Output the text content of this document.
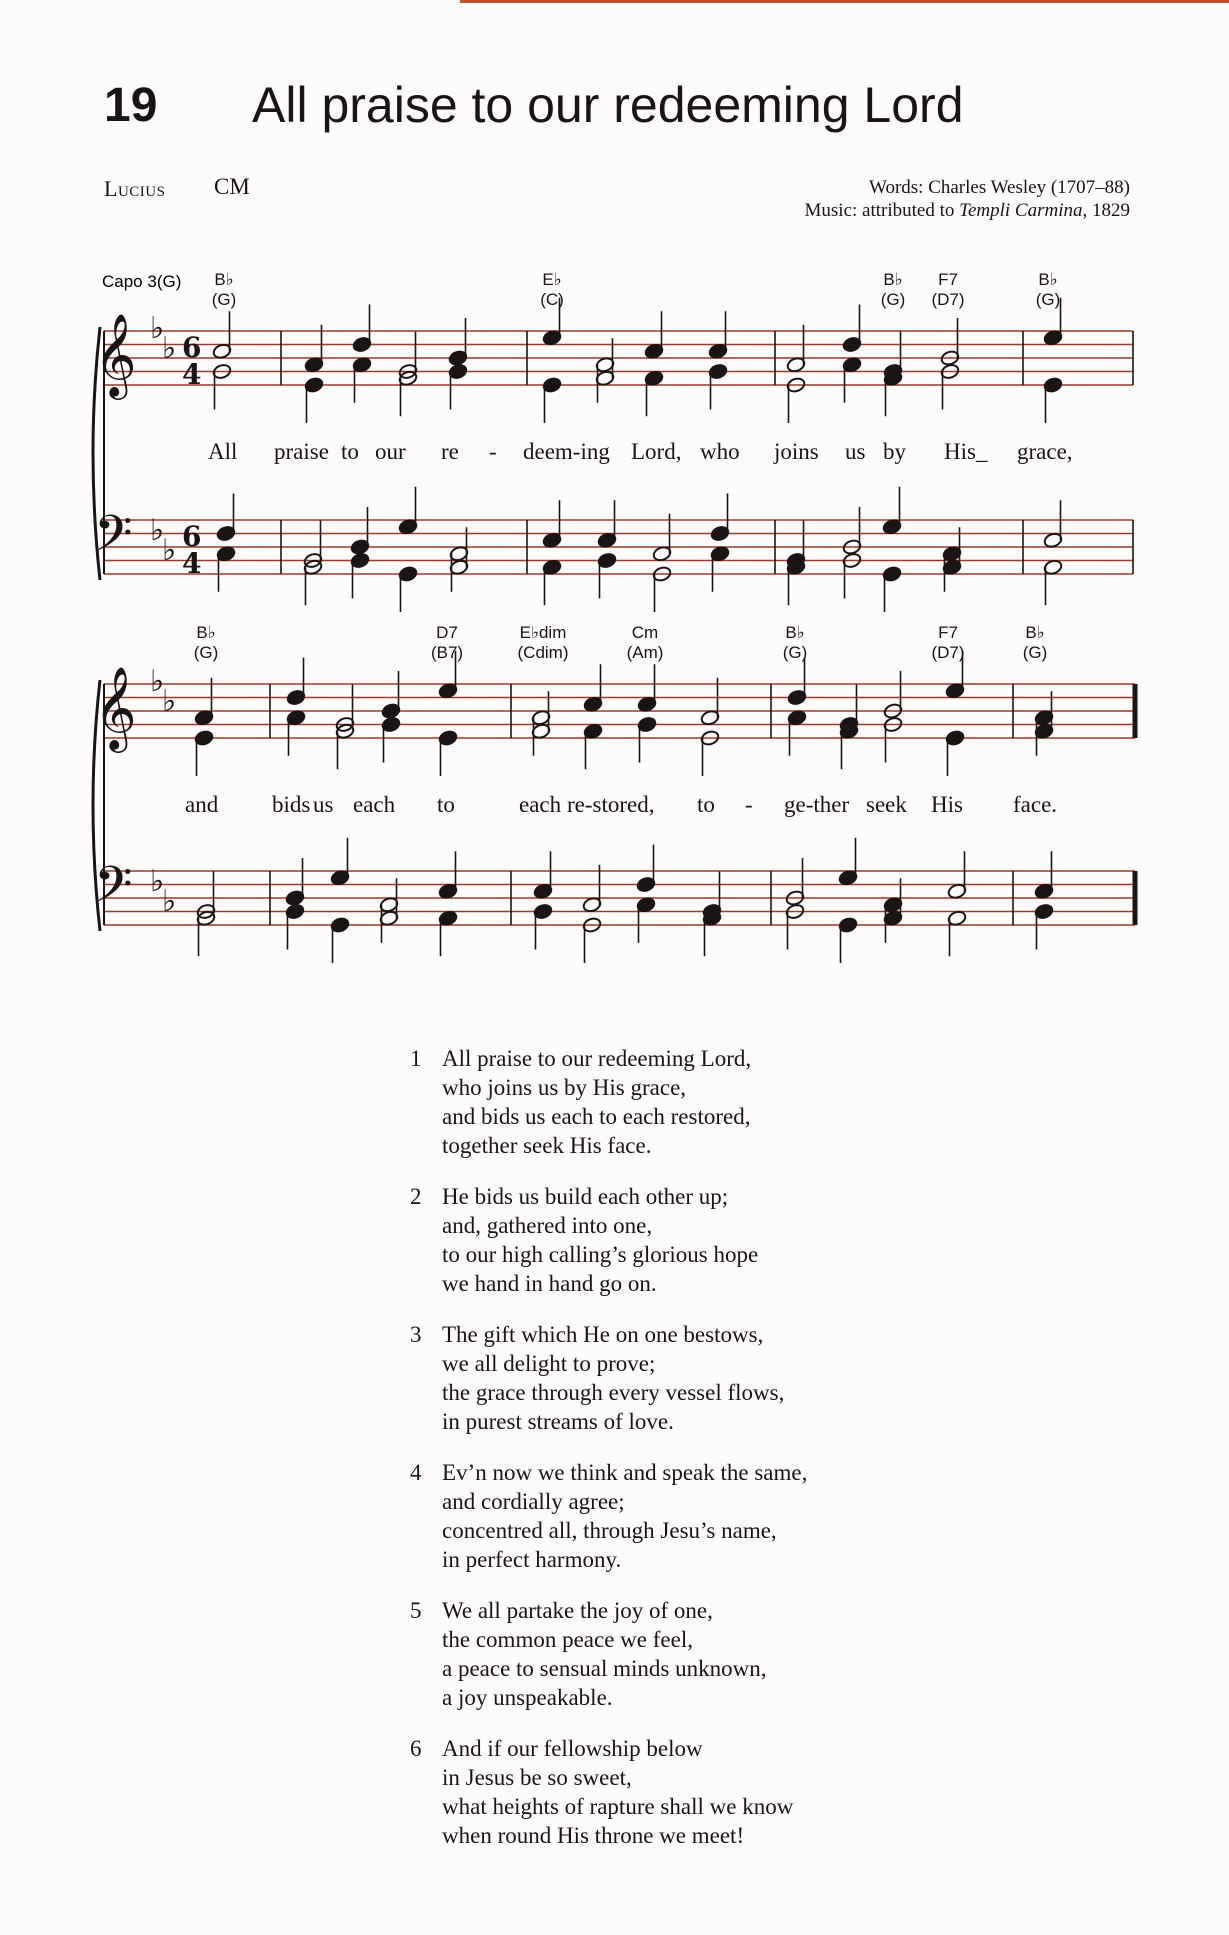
19 All praise to our redeeming Lord
Lucius CM	Words: Charles Wesley (1707–88)
Music: attributed to Templi Carmina, 1829
Capo 3(G)
𝄞
𝄢
♭
♭ 6
4
♭
♭ 6
4
B♭
(G)
E♭
(C)
B♭
(G)
F7
(D7)
B♭
(G)
All praise to our re - deem-ing Lord, who joins us by His_ grace,
𝄞
𝄢
♭
♭
♭
♭
B♭
(G)
D7
(B7)
E♭dim
(Cdim)
Cm
(Am)
B♭
(G)
F7
(D7)
B♭
(G)
and bids us each to	each re-stored, to - ge-ther seek His face.
1 All praise to our redeeming Lord,
who joins us by His grace,
and bids us each to each restored,
together seek His face.
2 He bids us build each other up;
and, gathered into one,
to our high calling’s glorious hope
we hand in hand go on.
3 The gift which He on one bestows,
we all delight to prove;
the grace through every vessel flows,
in purest streams of love.
4 Ev’n now we think and speak the same,
and cordially agree;
concentred all, through Jesu’s name,
in perfect harmony.
5 We all partake the joy of one,
the common peace we feel,
a peace to sensual minds unknown,
a joy unspeakable.
6 And if our fellowship below
in Jesus be so sweet,
what heights of rapture shall we know
when round His throne we meet!
